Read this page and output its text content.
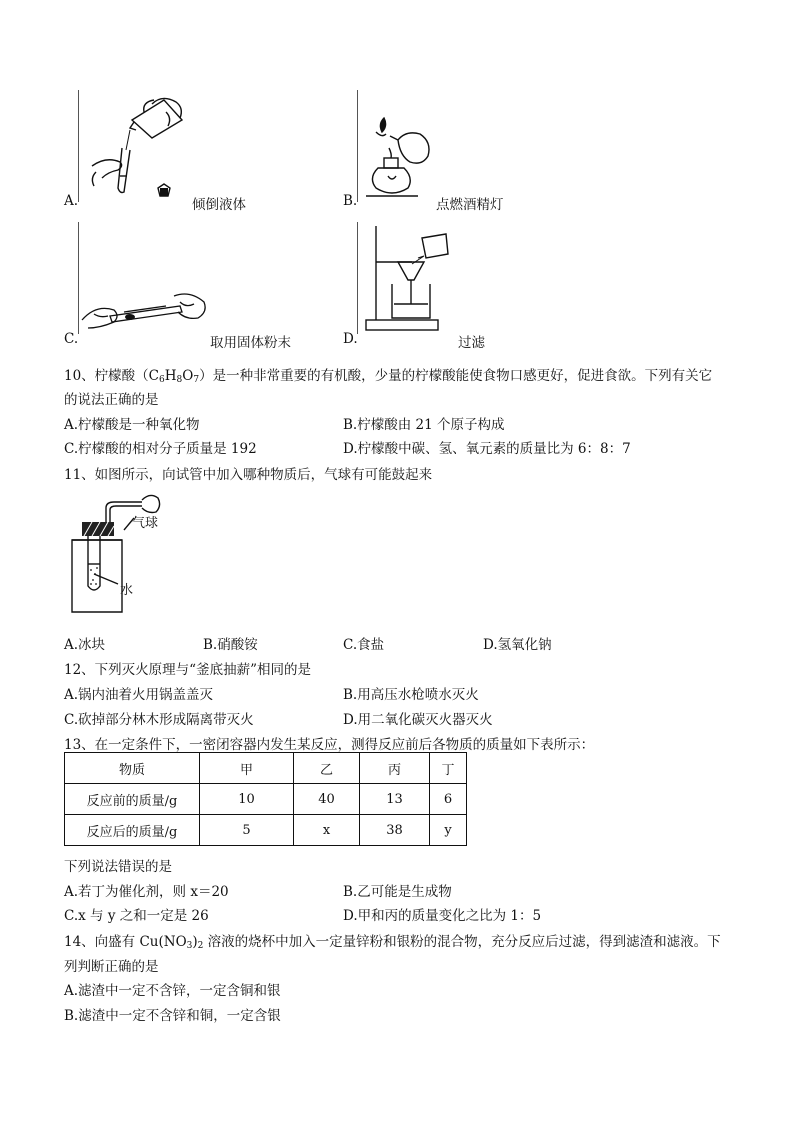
A.	倾倒液体	B.	点燃酒精灯
C.	取用固体粉末	D.	过滤
10、柠檬酸$(C_6H_8O_7)$是一种非常重要的有机酸，少量的柠檬酸能使食物口感更好，促进食欲。下列有关它
的说法正确的是
A.柠檬酸是一种氧化物	B.柠檬酸由 21 个原子构成
C.柠檬酸的相对分子质量是 192	D.柠檬酸中碳、氢、氧元素的质量比为 6：8：7
11、如图所示，向试管中加入哪种物质后，气球有可能鼓起来
气球
水
A.冰块	B.硝酸铵	C.食盐	D.氢氧化钠
12、下列灭火原理与“釜底抽薪”相同的是
A.锅内油着火用锅盖盖灭	B.用高压水枪喷水灭火
C.砍掉部分林木形成隔离带灭火	D.用二氧化碳灭火器灭火
13、在一定条件下，一密闭容器内发生某反应，测得反应前后各物质的质量如下表所示：
物质	甲	乙	丙	丁
反应前的质量/g	10	40	13	6
反应后的质量/g	5	x	38	y
下列说法错误的是
A.若丁为催化剂，则 x＝20	B.乙可能是生成物
C.x 与 y 之和一定是 26	D.甲和丙的质量变化之比为 1：5
14、向盛有 $Cu(NO_3)_2$ 溶液的烧杯中加入一定量锌粉和银粉的混合物，充分反应后过滤，得到滤渣和滤液。下
列判断正确的是
A.滤渣中一定不含锌，一定含铜和银
B.滤渣中一定不含锌和铜，一定含银
